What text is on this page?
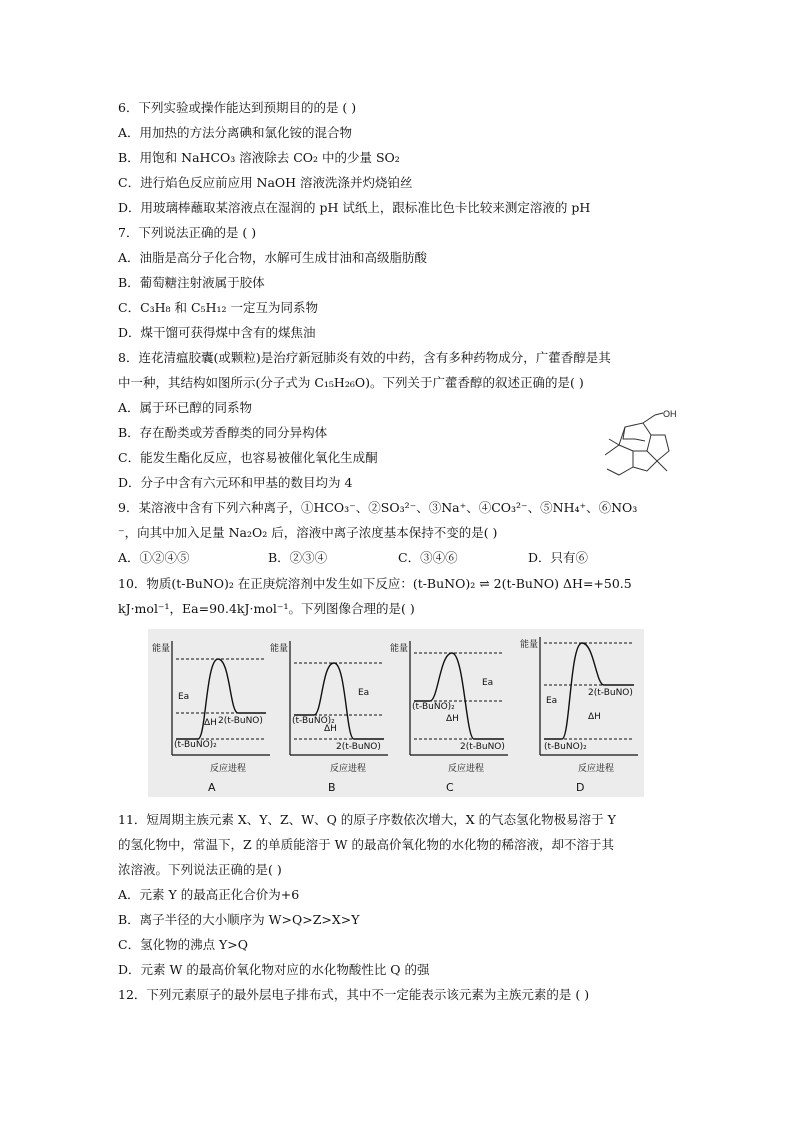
6．下列实验或操作能达到预期目的的是 ( )
A．用加热的方法分离碘和氯化铵的混合物
B．用饱和 NaHCO₃ 溶液除去 CO₂ 中的少量 SO₂
C．进行焰色反应前应用 NaOH 溶液洗涤并灼烧铂丝
D．用玻璃棒蘸取某溶液点在湿润的 pH 试纸上，跟标准比色卡比较来测定溶液的 pH
7．下列说法正确的是 ( )
A．油脂是高分子化合物，水解可生成甘油和高级脂肪酸
B．葡萄糖注射液属于胶体
C．C₃H₈ 和 C₅H₁₂ 一定互为同系物
D．煤干馏可获得煤中含有的煤焦油
8．连花清瘟胶囊(或颗粒)是治疗新冠肺炎有效的中药，含有多种药物成分，广藿香醇是其
中一种，其结构如图所示(分子式为 C₁₅H₂₆O)。下列关于广藿香醇的叙述正确的是( )
A．属于环已醇的同系物
B．存在酚类或芳香醇类的同分异构体
C．能发生酯化反应，也容易被催化氧化生成酮
D．分子中含有六元环和甲基的数目均为 4
OH
9．某溶液中含有下列六种离子，①HCO₃⁻、②SO₃²⁻、③Na⁺、④CO₃²⁻、⑤NH₄⁺、⑥NO₃
⁻，向其中加入足量 Na₂O₂ 后，溶液中离子浓度基本保持不变的是( )
A．①②④⑤	B．②③④	C．③④⑥	D．只有⑥
10．物质(t-BuNO)₂ 在正庚烷溶剂中发生如下反应：(t-BuNO)₂ ⇌ 2(t-BuNO) ΔH=+50.5
kJ·mol⁻¹，Ea=90.4kJ·mol⁻¹。下列图像合理的是( )
能量
反应进程
A
Ea
ΔH
(t-BuNO)₂
2(t-BuNO)
能量
反应进程
B
Ea
ΔH
(t-BuNO)₂
2(t-BuNO)
能量
反应进程
C
Ea
ΔH
(t-BuNO)₂
2(t-BuNO)
能量
反应进程
D
Ea
ΔH
(t-BuNO)₂
2(t-BuNO)
11．短周期主族元素 X、Y、Z、W、Q 的原子序数依次增大，X 的气态氢化物极易溶于 Y
的氢化物中，常温下，Z 的单质能溶于 W 的最高价氧化物的水化物的稀溶液，却不溶于其
浓溶液。下列说法正确的是( )
A．元素 Y 的最高正化合价为+6
B．离子半径的大小顺序为 W>Q>Z>X>Y
C．氢化物的沸点 Y>Q
D．元素 W 的最高价氧化物对应的水化物酸性比 Q 的强
12．下列元素原子的最外层电子排布式，其中不一定能表示该元素为主族元素的是 ( )
